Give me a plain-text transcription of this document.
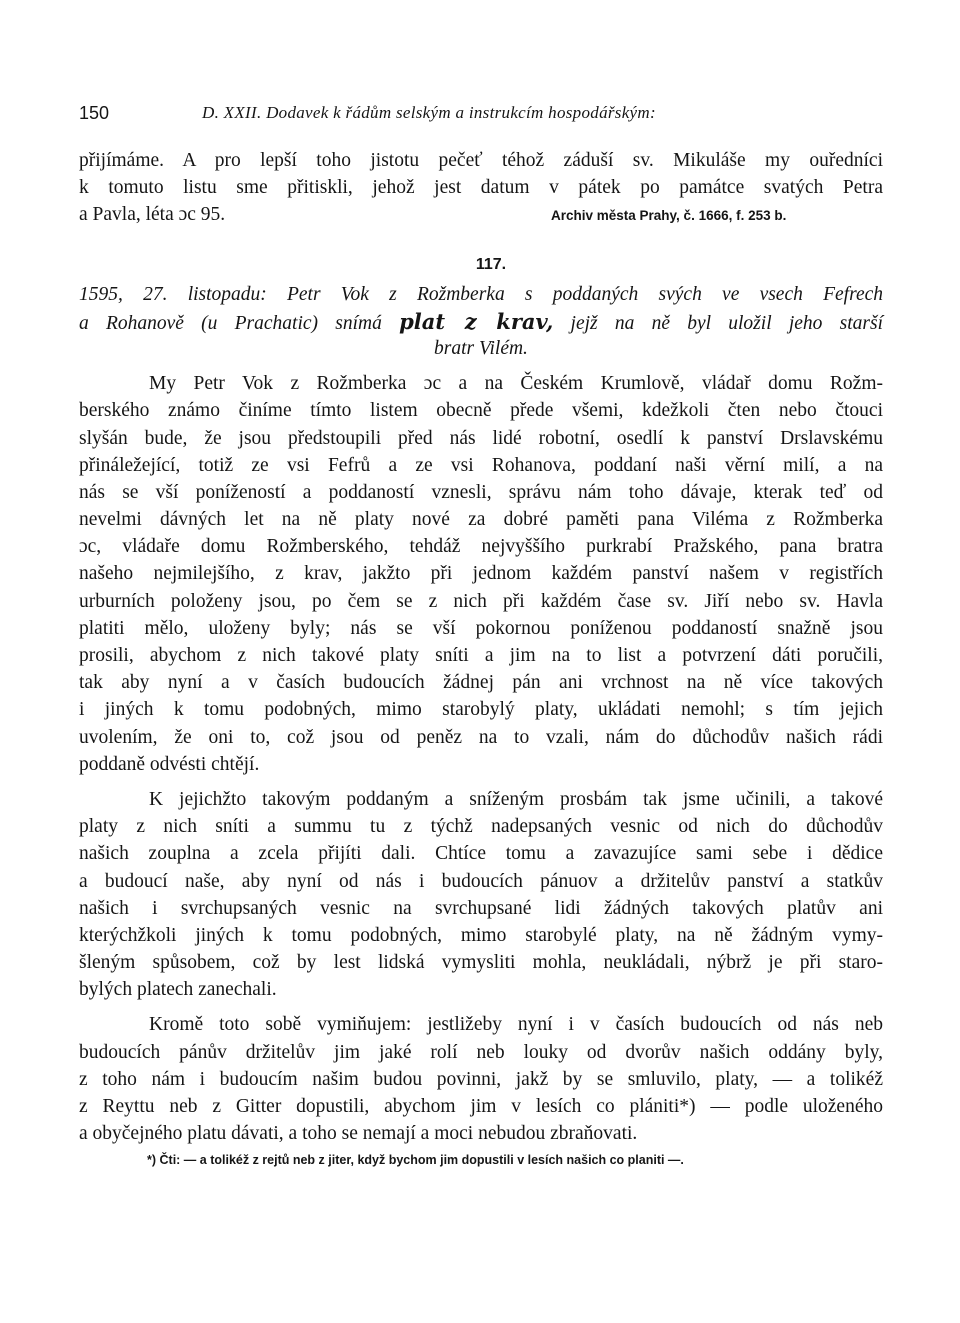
150	D. XXII. Dodavek k řádům selským a instrukcím hospodářským:
přijímáme. A pro lepší toho jistotu pečeť téhož záduší sv. Mikuláše my ouředníci
k tomuto listu sme přitiskli, jehož jest datum v pátek po památce svatých Petra
a Pavla, léta ɔc 95.	Archiv města Prahy, č. 1666, f. 253 b.
117.
1595, 27. listopadu: Petr Vok z Rožmberka s poddaných svých ve vsech Fefrech
a Rohanově (u Prachatic) snímá plat z krav, jejž na ně byl uložil jeho starší
bratr Vilém.
My Petr Vok z Rožmberka ɔc a na Českém Krumlově, vládař domu Rožm-
berského známo činíme tímto listem obecně přede všemi, kdežkoli čten nebo čtouci
slyšán bude, že jsou předstoupili před nás lidé robotní, osedlí k panství Drslavskému
přináležející, totiž ze vsi Fefrů a ze vsi Rohanova, poddaní naši věrní milí, a na
nás se vší ponížeností a poddaností vznesli, správu nám toho dávaje, kterak teď od
nevelmi dávných let na ně platy nové za dobré paměti pana Viléma z Rožmberka
ɔc, vládaře domu Rožmberského, tehdáž nejvyššího purkrabí Pražského, pana bratra
našeho nejmilejšího, z krav, jakžto při jednom každém panství našem v registřích
urburních položeny jsou, po čem se z nich při každém čase sv. Jiří nebo sv. Havla
platiti mělo, uloženy byly; nás se vší pokornou poníženou poddaností snažně jsou
prosili, abychom z nich takové platy sníti a jim na to list a potvrzení dáti poručili,
tak aby nyní a v časích budoucích žádnej pán ani vrchnost na ně více takových
i jiných k tomu podobných, mimo starobylý platy, ukládati nemohl; s tím jejich
uvolením, že oni to, což jsou od peněz na to vzali, nám do důchodův našich rádi
poddaně odvésti chtějí.
K jejichžto takovým poddaným a sníženým prosbám tak jsme učinili, a takové
platy z nich sníti a summu tu z týchž nadepsaných vesnic od nich do důchodův
našich zouplna a zcela přijíti dali. Chtíce tomu a zavazujíce sami sebe i dědice
a budoucí naše, aby nyní od nás i budoucích pánuov a držitelův panství a statkův
našich i svrchupsaných vesnic na svrchupsané lidi žádných takových platův ani
kterýchžkoli jiných k tomu podobných, mimo starobylé platy, na ně žádným vymy-
šleným spůsobem, což by lest lidská vymysliti mohla, neukládali, nýbrž je při staro-
bylých platech zanechali.
Kromě toto sobě vymiňujem: jestližeby nyní i v časích budoucích od nás neb
budoucích pánův držitelův jim jaké rolí neb louky od dvorův našich oddány byly,
z toho nám i budoucím našim budou povinni, jakž by se smluvilo, platy, — a tolikéž
z Reyttu neb z Gitter dopustili, abychom jim v lesích co plániti*) — podle uloženého
a obyčejného platu dávati, a toho se nemají a moci nebudou zbraňovati.
*) Čti: — a tolikéž z rejtů neb z jiter, když bychom jim dopustili v lesích našich co planiti —.
